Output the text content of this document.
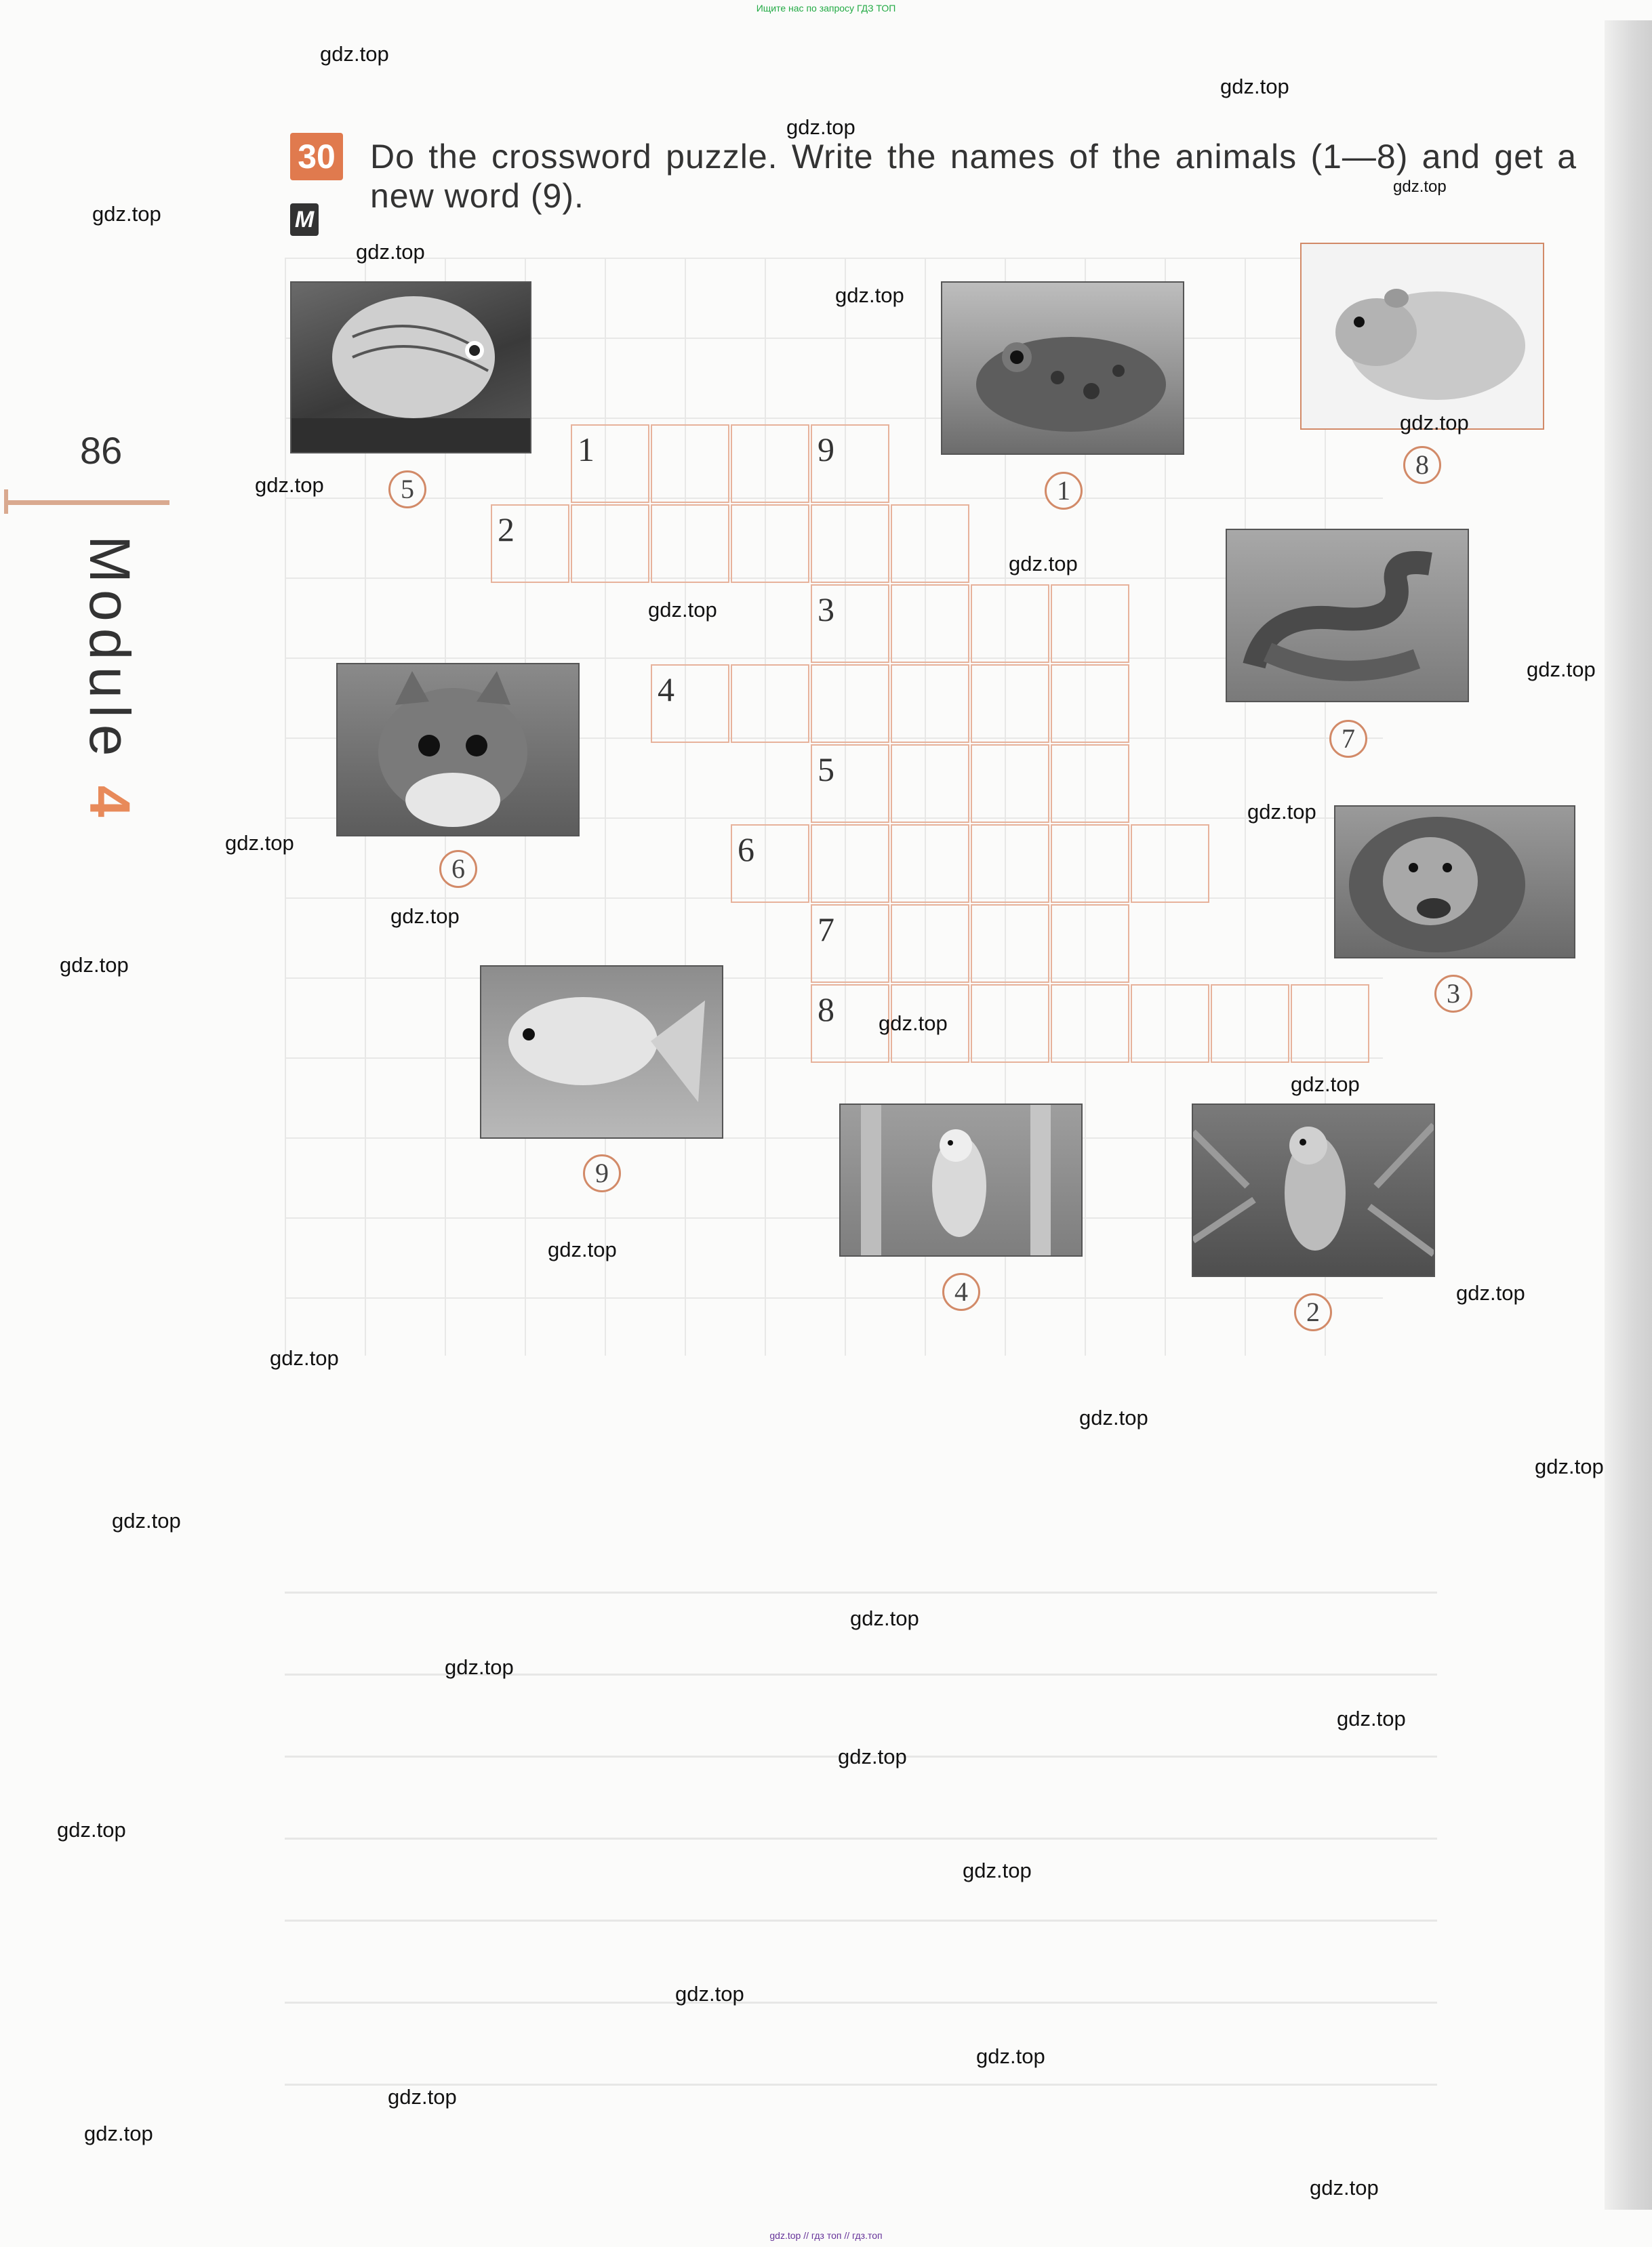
Ищите нас по запросу ГДЗ ТОП
gdz.top // гдз топ // гдз.топ
86
Module 4
30
M
Do the crossword puzzle. Write the names of the animals (1—8) and get a new word (9).
5	1
8
7
6
3
9
4
2
1
2
3
4
5
6
7
8
9
gdz.top
gdz.top
gdz.top
gdz.top
gdz.top
gdz.top
gdz.top
gdz.top
gdz.top
gdz.top
gdz.top
gdz.top
gdz.top
gdz.top
gdz.top
gdz.top
gdz.top
gdz.top
gdz.top
gdz.top
gdz.top
gdz.top
gdz.top
gdz.top
gdz.top
gdz.top
gdz.top
gdz.top
gdz.top
gdz.top
gdz.top
gdz.top
gdz.top
gdz.top
gdz.top
